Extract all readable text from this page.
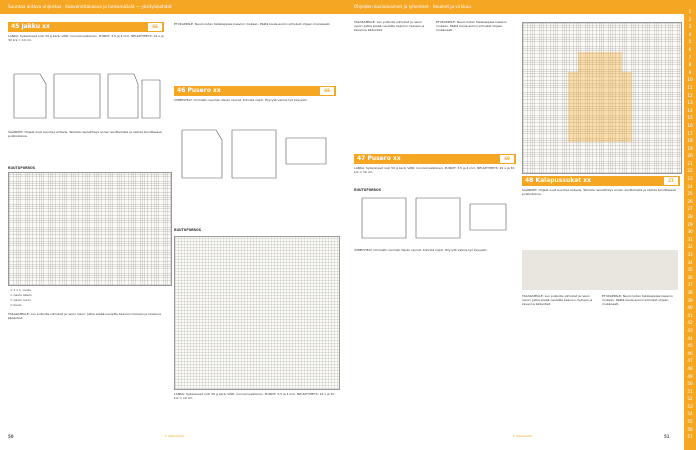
Suuntaa antava ohjeistus · Kaavamittakaava ja lankamäärät — yksityiskohdat
45 Jakku xx	66
LANKA: Sykeraneet noin 50 g kerä; VÄRI: luonnonvalkoinen. PUIKOT: 3,5 ja 4 mm. NEULETIHEYS: 22 s ja 30 krs = 10 cm.
SÄÄNNÖT: Ohjeet ovat suuntaa antavia. Tarkista neuletiheys ennen aloittamista ja vaihda tarvittaessa puikkokokoa.
RUUTUPIIRROS
= 1 x 1 -ruutu
= neulo oikein
= neulo nurin
= kuvio
TAKAKAPPALE: Luo puikoille silmukat ja neulo resori. Jatka sileää neuletta kaavion mukaan ja kavenna kädentiet.
ETUKAPPALE: Neulo kuten takakappale kaavion mukaan. Päätä kaula-aukon silmukat ohjeen mukaisesti.
46 Pusero xx	69
VIIMEISTELY: Ommeltu saumat. Neulo reunat. Kiinnitä napit. Höyrytä valmis työ kevyesti.
RUUTUPIIRROS
LANKA: Sykeraneet noin 50 g kerä; VÄRI: luonnonvalkoinen. PUIKOT: 3,5 ja 4 mm. NEULETIHEYS: 22 s ja 30 krs = 10 cm.
50	© Neulelehti
Ohjeiden kuvioavaimet ja lyhenteet · Neuleet ja virkkuu
1
2
3
4
5
6
7
8
9
10
11
12
13
14
15
16
17
18
19
20
21
22
23
24
25
26
27
28
29
30
31
32
33
34
35
36
37
38
39
40
41
42
43
44
45
46
47
48
49
50
51
52
53
54
55
56
57
TAKAKAPPALE: Luo puikoille silmukat ja neulo resori. Jatka sileää neuletta kaavion mukaan ja kavenna kädentiet.
ETUKAPPALE: Neulo kuten takakappale kaavion mukaan. Päätä kaula-aukon silmukat ohjeen mukaisesti.
47 Pusero xx	69
LANKA: Sykeraneet noin 50 g kerä; VÄRI: luonnonvalkoinen. PUIKOT: 3,5 ja 4 mm. NEULETIHEYS: 22 s ja 30 krs = 10 cm.
RUUTUPIIRROS
VIIMEISTELY: Ommeltu saumat. Neulo reunat. Kiinnitä napit. Höyrytä valmis työ kevyesti.
48 Kalapussukat xx	27
SÄÄNNÖT: Ohjeet ovat suuntaa antavia. Tarkista neuletiheys ennen aloittamista ja vaihda tarvittaessa puikkokokoa.
TAKAKAPPALE: Luo puikoille silmukat ja neulo resori. Jatka sileää neuletta kaavion mukaan ja kavenna kädentiet.
ETUKAPPALE: Neulo kuten takakappale kaavion mukaan. Päätä kaula-aukon silmukat ohjeen mukaisesti.
© Neulelehti	51
